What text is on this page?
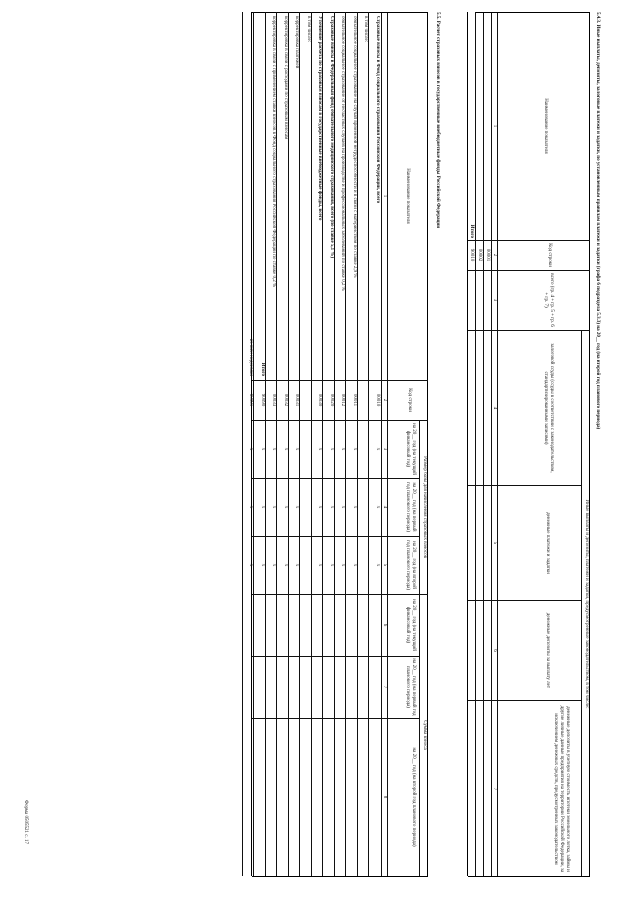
Форма 0505521 с. 17
5.4.3. Иные выплаты, депозиты, залоговые платежи и задатки, по установленным правилам платежи и задатки (графа 6 подраздела 5.3.3) на 20__ год (на второй год планового периода)
Наименование показателя
Код строки
всего (гр. 4 + гр. 5 + гр. 6 + гр. 7)
Иные выплаты и депозиты, платежи и задатки, предусмотренные законодательством, в том числе:
залоговой ссуды (ссуды в соответствии с законодательством, стандартизированными записями)
денежные платежи и задатки
денежные депозиты за выплату лет
денежные депозиты в учетную стоимость ипотеки земельного лотка, займы и другие личные данные предприятия на территории Российской Федерации, за исключением денежных средств, предусмотренных законодательством
1
2
3
4
5
6
7
00001
00002
Итого
90010
5.5. Расчет страховых взносов в государственные внебюджетные фонды Российской Федерации
Наименование показателя
Код строки
Размер базы для начисления страховых взносов
Сумма взноса
на 20__ год (на текущий финансовый год)
на 20__ год (на первый год планового периода)
на 20__ год (на второй год планового периода)
на 20__ год (на текущий финансовый год)
на 20__ год (на первый год планового периода)
на 20__ год (на второй год планового периода)
1
2
3
4
5
6
7
8
Страховые взносы в Фонд социального страхования Российской Федерации, всего
00010
х
х
х
в том числе:
обязательное социальное страхование на случай временной нетрудоспособности и в связи с материнством по ставке 2,9 %
00011
х
х
х
обязательное социальное страхование от несчастных случаев на производстве и профессиональных заболеваний по ставке 0,2 %
00012
х
х
х
Страховые взносы в Федеральный фонд обязательного медицинского страхования, всего (по ставке 5,1 %)
00020
х
х
х
Уточнение расчета по страховым взносам в государственные внебюджетные фонды, всего
00030
х
х
х
в том числе:
корректировка платежей
00031
х
х
х
корректировка в связи с расходами по страховым взносам
00032
х
х
х
корректировка в связи с применением ставки взносов в Фонд социального страхования Российской Федерации по ставке 0,2 %
00033
х
х
х
Итого
90090
х
х
х
из них: недоимки
90091
х
х
х
